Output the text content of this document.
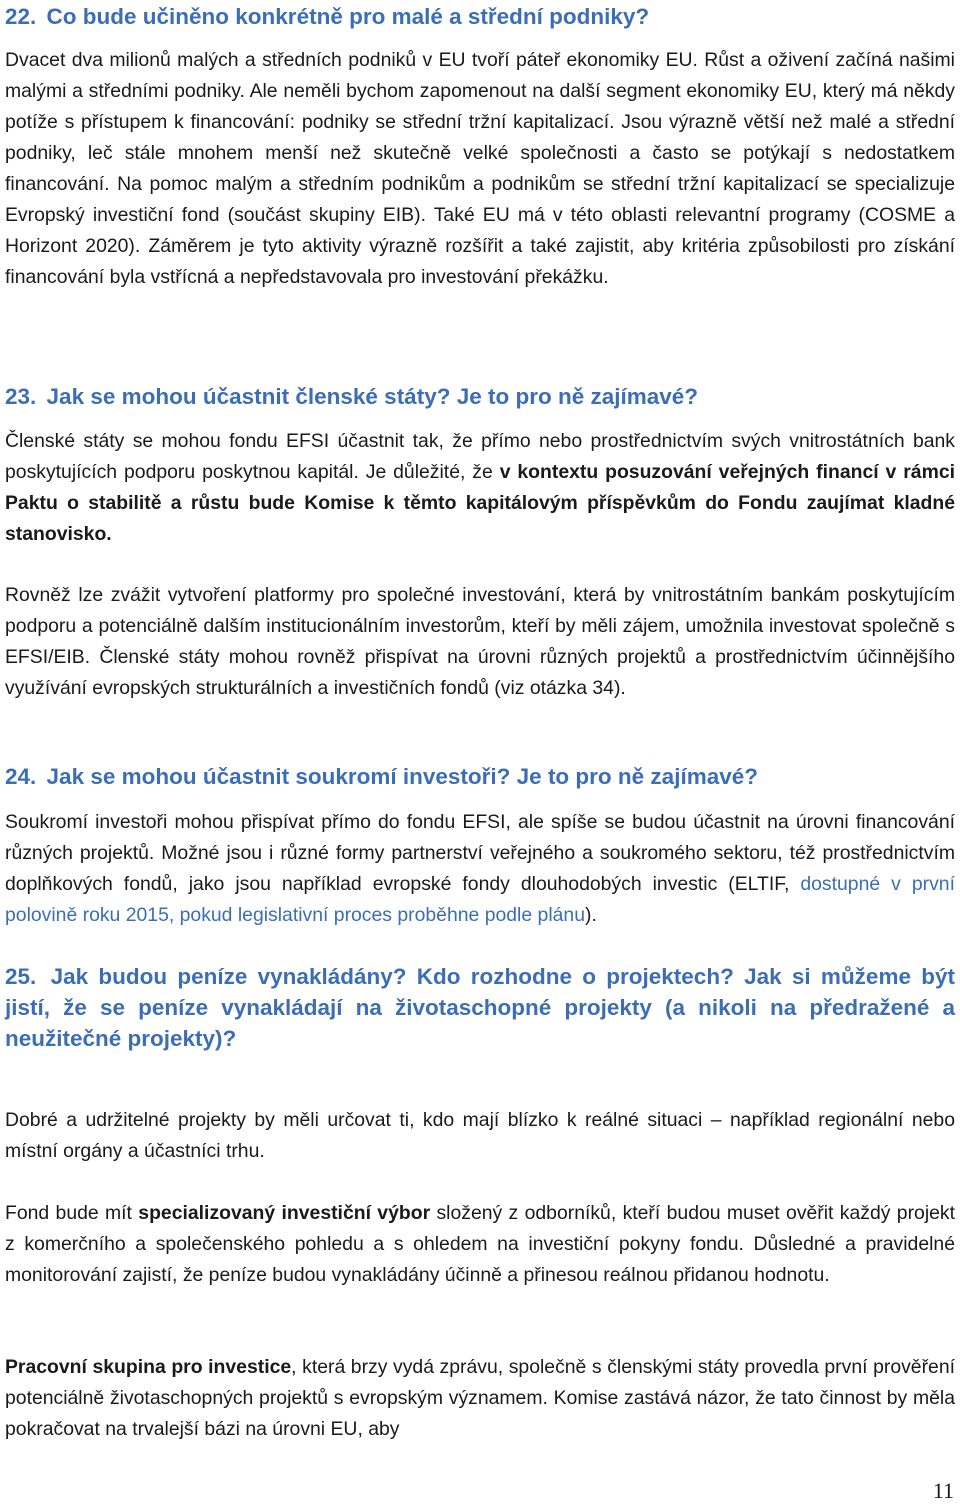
22. Co bude učiněno konkrétně pro malé a střední podniky?

Dvacet dva milionů malých a středních podniků v EU tvoří páteř ekonomiky EU. Růst a oživení začíná našimi malými a středními podniky. Ale neměli bychom zapomenout na další segment ekonomiky EU, který má někdy potíže s přístupem k financování: podniky se střední tržní kapitalizací. Jsou výrazně větší než malé a střední podniky, leč stále mnohem menší než skutečně velké společnosti a často se potýkají s nedostatkem financování. Na pomoc malým a středním podnikům a podnikům se střední tržní kapitalizací se specializuje Evropský investiční fond (součást skupiny EIB). Také EU má v této oblasti relevantní programy (COSME a Horizont 2020). Záměrem je tyto aktivity výrazně rozšířit a také zajistit, aby kritéria způsobilosti pro získání financování byla vstřícná a nepředstavovala pro investování překážku.

23. Jak se mohou účastnit členské státy? Je to pro ně zajímavé?

Členské státy se mohou fondu EFSI účastnit tak, že přímo nebo prostřednictvím svých vnitrostátních bank poskytujících podporu poskytnou kapitál. Je důležité, že v kontextu posuzování veřejných financí v rámci Paktu o stabilitě a růstu bude Komise k těmto kapitálovým příspěvkům do Fondu zaujímat kladné stanovisko.

Rovněž lze zvážit vytvoření platformy pro společné investování, která by vnitrostátním bankám poskytujícím podporu a potenciálně dalším institucionálním investorům, kteří by měli zájem, umožnila investovat společně s EFSI/EIB. Členské státy mohou rovněž přispívat na úrovni různých projektů a prostřednictvím účinnějšího využívání evropských strukturálních a investičních fondů (viz otázka 34).

24. Jak se mohou účastnit soukromí investoři? Je to pro ně zajímavé?

Soukromí investoři mohou přispívat přímo do fondu EFSI, ale spíše se budou účastnit na úrovni financování různých projektů. Možné jsou i různé formy partnerství veřejného a soukromého sektoru, též prostřednictvím doplňkových fondů, jako jsou například evropské fondy dlouhodobých investic (ELTIF, dostupné v první polovině roku 2015, pokud legislativní proces proběhne podle plánu).

25. Jak budou peníze vynakládány? Kdo rozhodne o projektech? Jak si můžeme být jistí, že se peníze vynakládají na životaschopné projekty (a nikoli na předražené a neužitečné projekty)?

Dobré a udržitelné projekty by měli určovat ti, kdo mají blízko k reálné situaci – například regionální nebo místní orgány a účastníci trhu.

Fond bude mít specializovaný investiční výbor složený z odborníků, kteří budou muset ověřit každý projekt z komerčního a společenského pohledu a s ohledem na investiční pokyny fondu. Důsledné a pravidelné monitorování zajistí, že peníze budou vynakládány účinně a přinesou reálnou přidanou hodnotu.

Pracovní skupina pro investice, která brzy vydá zprávu, společně s členskými státy provedla první prověření potenciálně životaschopných projektů s evropským významem. Komise zastává názor, že tato činnost by měla pokračovat na trvalejší bázi na úrovni EU, aby

11
